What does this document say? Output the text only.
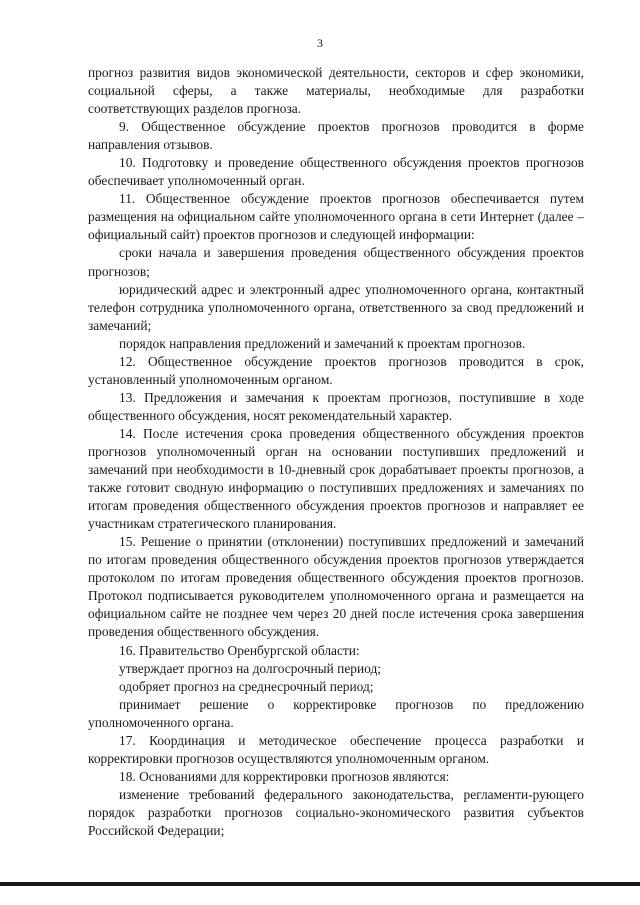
3

прогноз развития видов экономической деятельности, секторов и сфер экономики, социальной сферы, а также материалы, необходимые для разработки соответствующих разделов прогноза.

9. Общественное обсуждение проектов прогнозов проводится в форме направления отзывов.

10. Подготовку и проведение общественного обсуждения проектов прогнозов обеспечивает уполномоченный орган.

11. Общественное обсуждение проектов прогнозов обеспечивается путем размещения на официальном сайте уполномоченного органа в сети Интернет (далее – официальный сайт) проектов прогнозов и следующей информации:

сроки начала и завершения проведения общественного обсуждения проектов прогнозов;

юридический адрес и электронный адрес уполномоченного органа, контактный телефон сотрудника уполномоченного органа, ответственного за свод предложений и замечаний;

порядок направления предложений и замечаний к проектам прогнозов.

12. Общественное обсуждение проектов прогнозов проводится в срок, установленный уполномоченным органом.

13. Предложения и замечания к проектам прогнозов, поступившие в ходе общественного обсуждения, носят рекомендательный характер.

14. После истечения срока проведения общественного обсуждения проектов прогнозов уполномоченный орган на основании поступивших предложений и замечаний при необходимости в 10-дневный срок дорабатывает проекты прогнозов, а также готовит сводную информацию о поступивших предложениях и замечаниях по итогам проведения общественного обсуждения проектов прогнозов и направляет ее участникам стратегического планирования.

15. Решение о принятии (отклонении) поступивших предложений и замечаний по итогам проведения общественного обсуждения проектов прогнозов утверждается протоколом по итогам проведения общественного обсуждения проектов прогнозов. Протокол подписывается руководителем уполномоченного органа и размещается на официальном сайте не позднее чем через 20 дней после истечения срока завершения проведения общественного обсуждения.

16. Правительство Оренбургской области:

утверждает прогноз на долгосрочный период;

одобряет прогноз на среднесрочный период;

принимает решение о корректировке прогнозов по предложению уполномоченного органа.

17. Координация и методическое обеспечение процесса разработки и корректировки прогнозов осуществляются уполномоченным органом.

18. Основаниями для корректировки прогнозов являются:

изменение требований федерального законодательства, регламенти-рующего порядок разработки прогнозов социально-экономического развития субъектов Российской Федерации;
